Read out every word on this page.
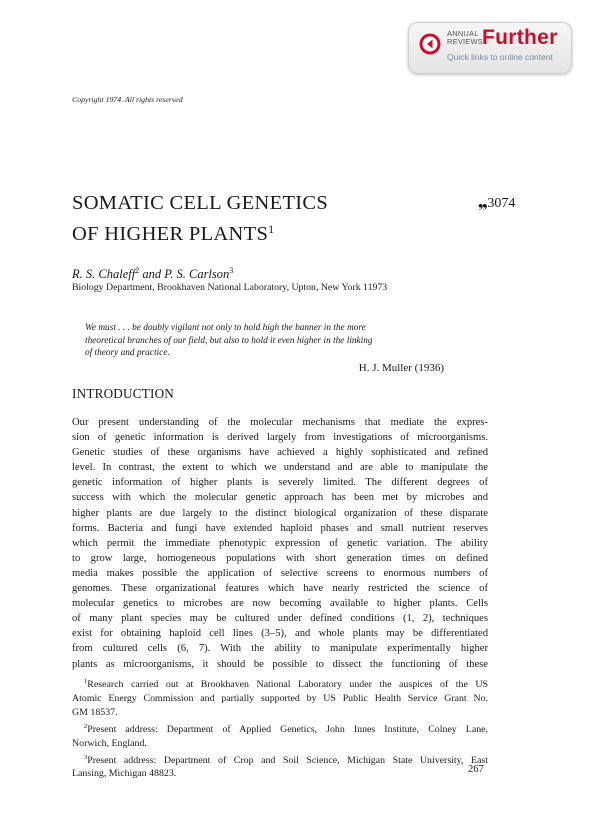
ANNUAL
REVIEWS Further
Quick links to online content
Copyright 1974. All rights reserved
SOMATIC CELL GENETICS
OF HIGHER PLANTS$^1$
❠3074
R. S. Chaleff$^2$ and P. S. Carlson$^3$
Biology Department, Brookhaven National Laboratory, Upton, New York 11973
We must . . . be doubly vigilant not only to hold high the banner in the more
theoretical branches of our field, but also to hold it even higher in the linking
of theory and practice.
H. J. Muller (1936)
INTRODUCTION
Our present understanding of the molecular mechanisms that mediate the expres-
sion of genetic information is derived largely from investigations of microorganisms.
Genetic studies of these organisms have achieved a highly sophisticated and refined
level. In contrast, the extent to which we understand and are able to manipulate the
genetic information of higher plants is severely limited. The different degrees of
success with which the molecular genetic approach has been met by microbes and
higher plants are due largely to the distinct biological organization of these disparate
forms. Bacteria and fungi have extended haploid phases and small nutrient reserves
which permit the immediate phenotypic expression of genetic variation. The ability
to grow large, homogeneous populations with short generation times on defined
media makes possible the application of selective screens to enormous numbers of
genomes. These organizational features which have nearly restricted the science of
molecular genetics to microbes are now becoming available to higher plants. Cells
of many plant species may be cultured under defined conditions (1, 2), techniques
exist for obtaining haploid cell lines (3–5), and whole plants may be differentiated
from cultured cells (6, 7). With the ability to manipulate experimentally higher
plants as microorganisms, it should be possible to dissect the functioning of these
$^1$Research carried out at Brookhaven National Laboratory under the auspices of the US
Atomic Energy Commission and partially supported by US Public Health Service Grant No.
GM 18537.
$^2$Present address: Department of Applied Genetics, John Innes Institute, Colney Lane,
Norwich, England.
$^3$Present address: Department of Crop and Soil Science, Michigan State University, East
Lansing, Michigan 48823.	267
